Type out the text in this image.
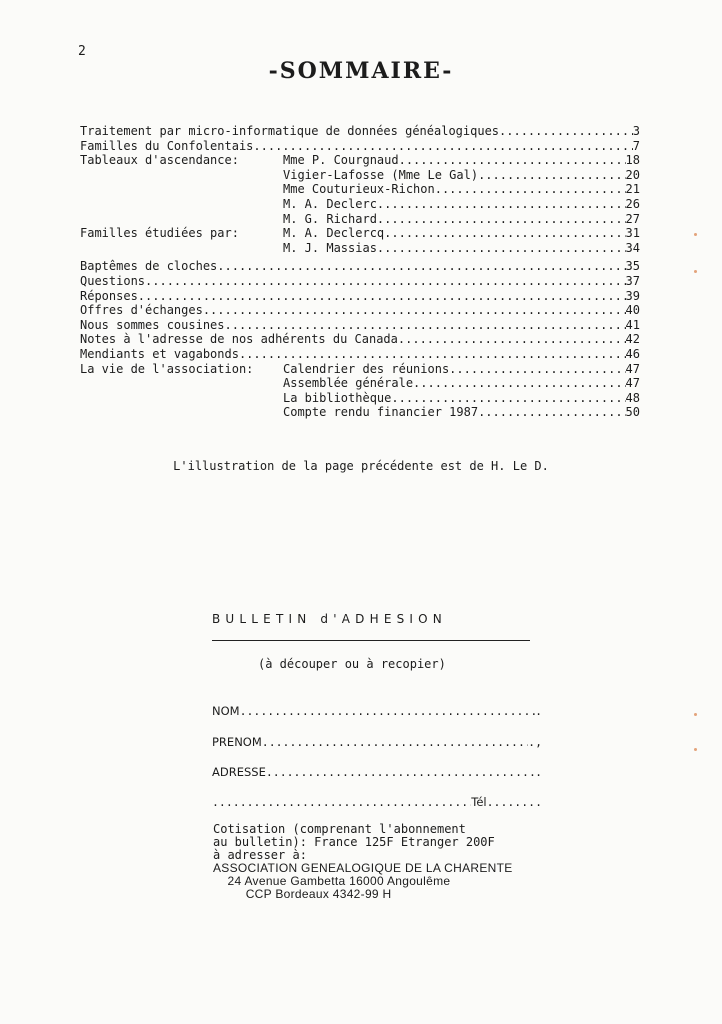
2
-SOMMAIRE-
Traitement par micro-informatique de données généalogiques .....	3
Familles du Confolentais .....	7
Tableaux d'ascendance:	Mme P. Courgnaud .....	18
Vigier-Lafosse (Mme Le Gal) .....	20
Mme Couturieux-Richon .....	21
M. A. Declerc .....	26
M. G. Richard .....	27
Familles étudiées par:	M. A. Declercq .....	31
M. J. Massias .....	34
Baptêmes de cloches .....	35
Questions .....	37
Réponses .....	39
Offres d'échanges .....	40
Nous sommes cousines .....	41
Notes à l'adresse de nos adhérents du Canada .....	42
Mendiants et vagabonds .....	46
La vie de l'association: Calendrier des réunions .....	47
Assemblée générale .....	47
La bibliothèque .....	48
Compte rendu financier 1987 .....	50
L'illustration de la page précédente est de H. Le D.
BULLETIN d'ADHESION
(à découper ou à recopier)
NOM .....	.
PRENOM .....	.,
ADRESSE .....	.
.....
Tél ........
Cotisation (comprenant l'abonnement
au bulletin): France 125F Etranger 200F
à adresser à:
ASSOCIATION GENEALOGIQUE DE LA CHARENTE
24 Avenue Gambetta 16000 Angoulême
CCP Bordeaux 4342-99 H
